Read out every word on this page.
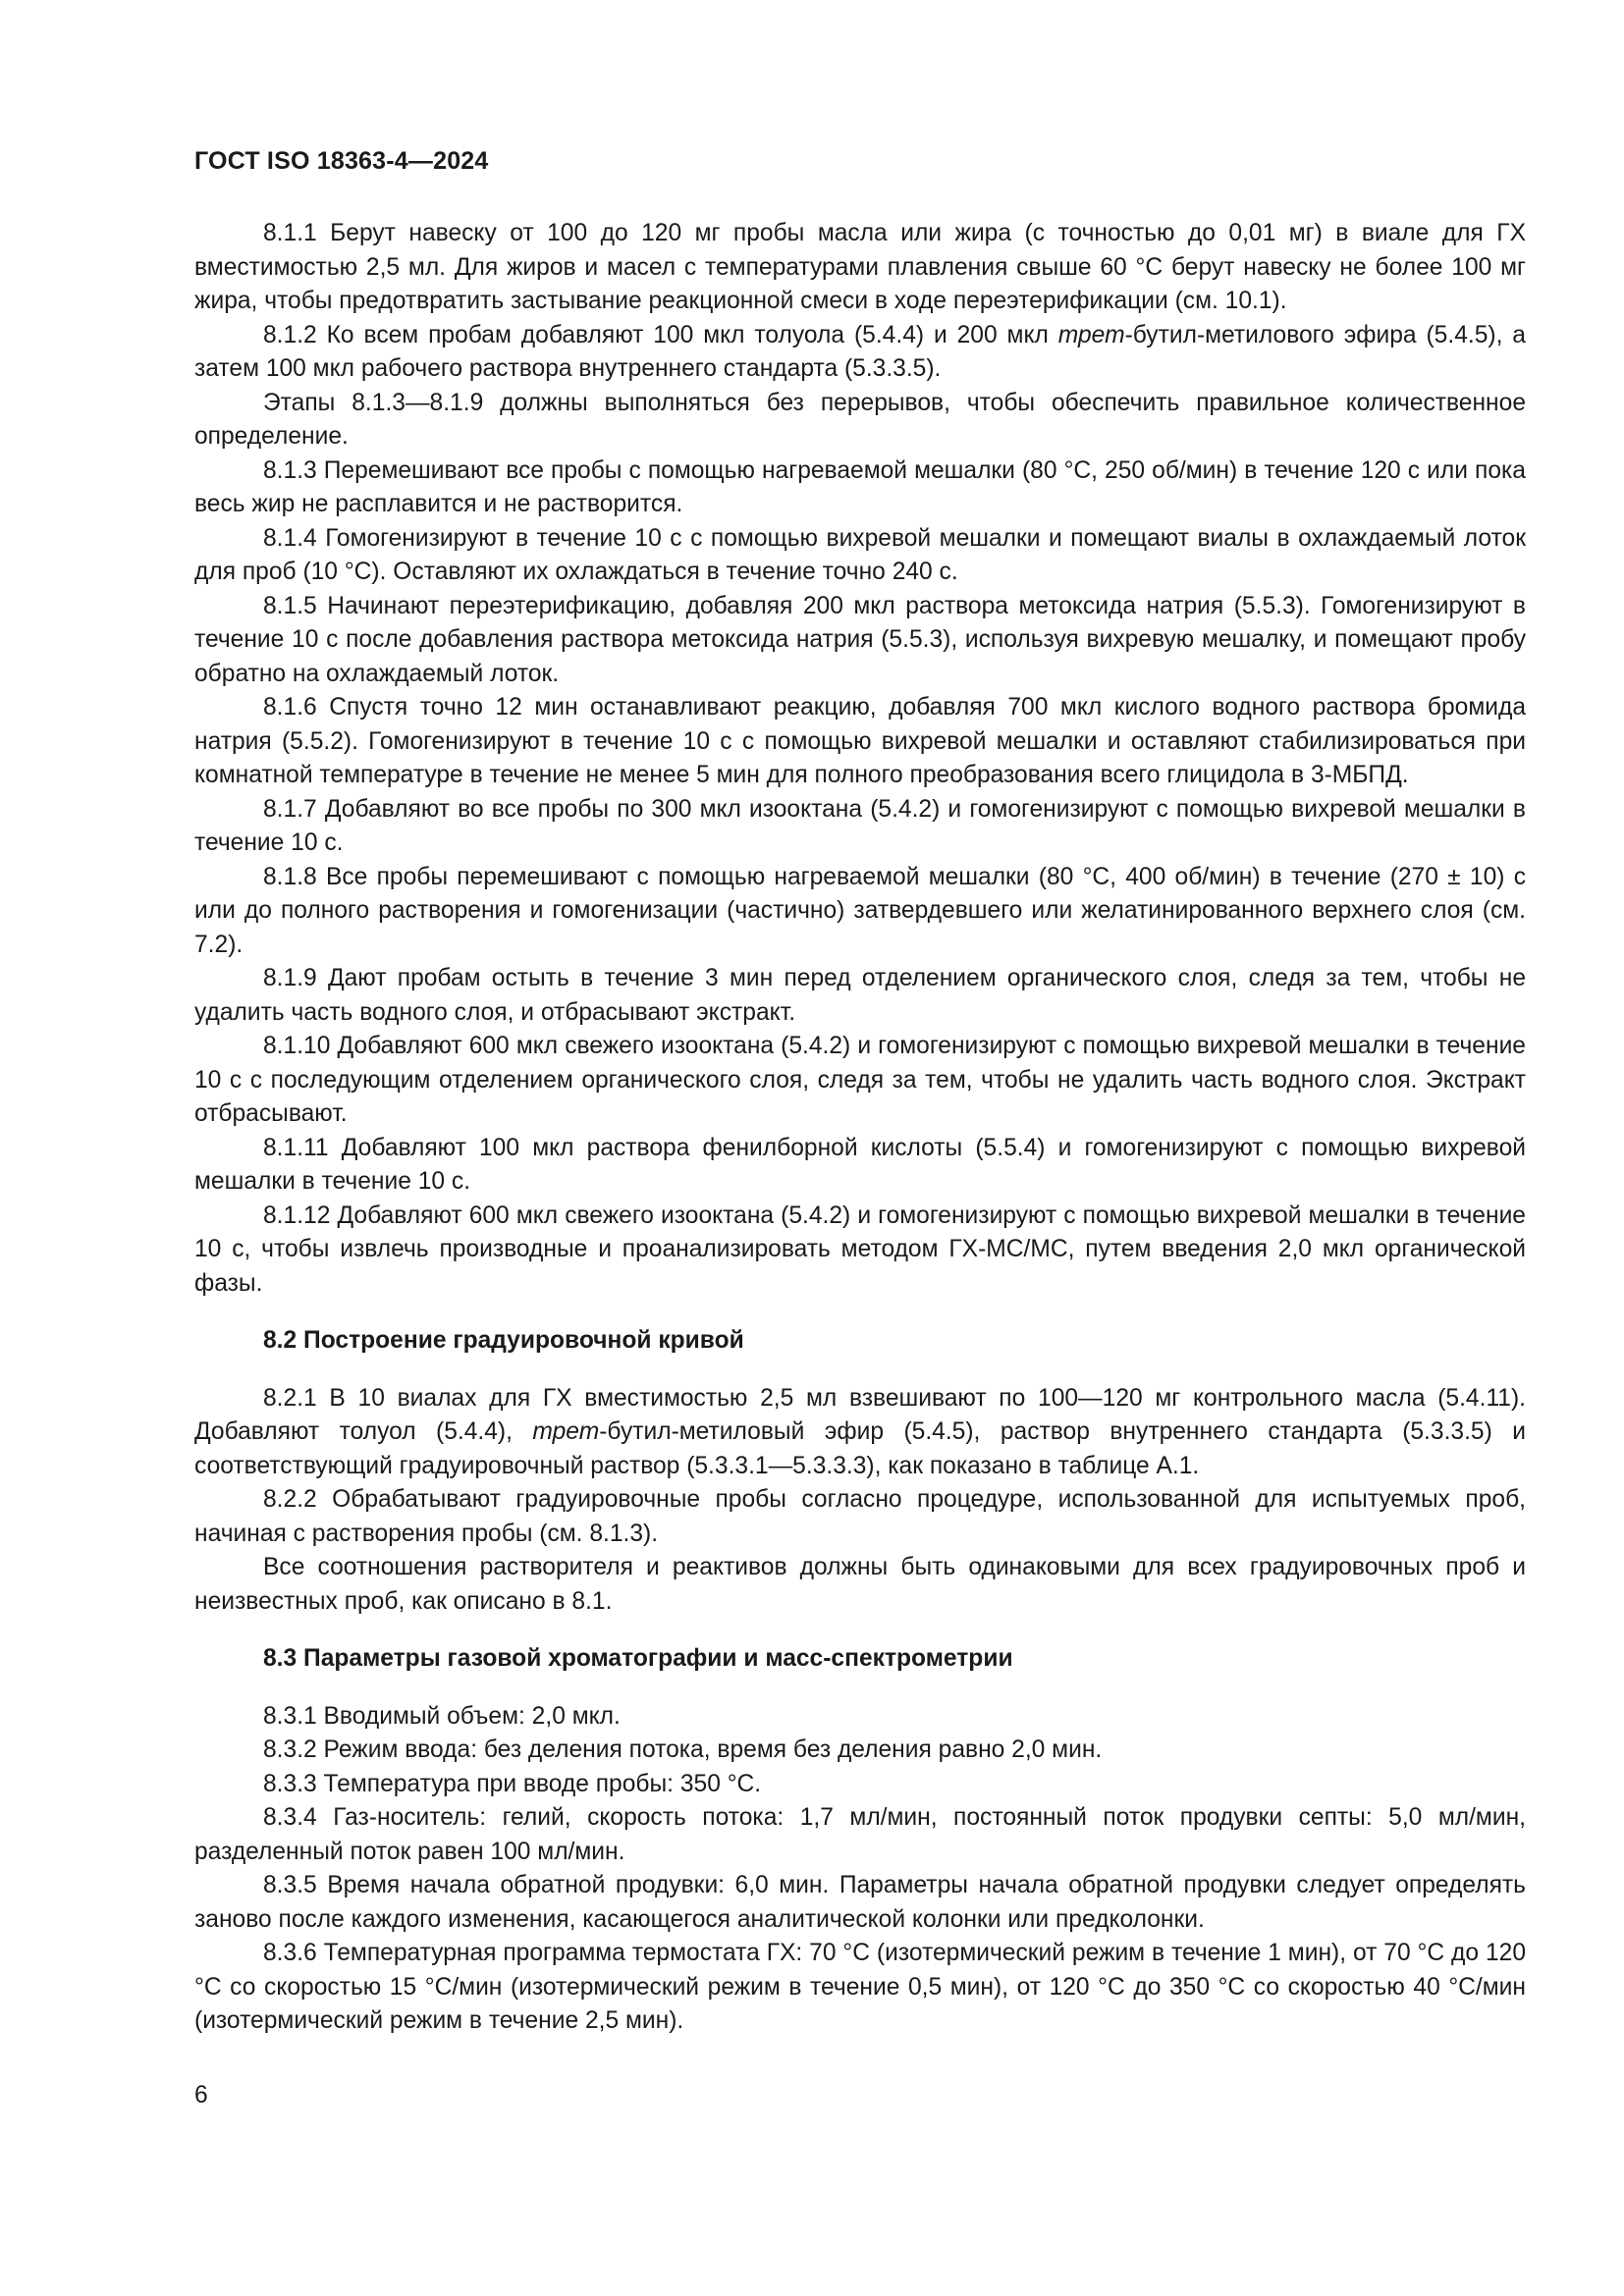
ГОСТ ISO 18363-4—2024

8.1.1 Берут навеску от 100 до 120 мг пробы масла или жира (с точностью до 0,01 мг) в виале для ГХ вместимостью 2,5 мл. Для жиров и масел с температурами плавления свыше 60 °С берут навеску не более 100 мг жира, чтобы предотвратить застывание реакционной смеси в ходе переэтерификации (см. 10.1).

8.1.2 Ко всем пробам добавляют 100 мкл толуола (5.4.4) и 200 мкл трет-бутил-метилового эфира (5.4.5), а затем 100 мкл рабочего раствора внутреннего стандарта (5.3.3.5).

Этапы 8.1.3—8.1.9 должны выполняться без перерывов, чтобы обеспечить правильное количественное определение.

8.1.3 Перемешивают все пробы с помощью нагреваемой мешалки (80 °С, 250 об/мин) в течение 120 с или пока весь жир не расплавится и не растворится.

8.1.4 Гомогенизируют в течение 10 с с помощью вихревой мешалки и помещают виалы в охлаждаемый лоток для проб (10 °С). Оставляют их охлаждаться в течение точно 240 с.

8.1.5 Начинают переэтерификацию, добавляя 200 мкл раствора метоксида натрия (5.5.3). Гомогенизируют в течение 10 с после добавления раствора метоксида натрия (5.5.3), используя вихревую мешалку, и помещают пробу обратно на охлаждаемый лоток.

8.1.6 Спустя точно 12 мин останавливают реакцию, добавляя 700 мкл кислого водного раствора бромида натрия (5.5.2). Гомогенизируют в течение 10 с с помощью вихревой мешалки и оставляют стабилизироваться при комнатной температуре в течение не менее 5 мин для полного преобразования всего глицидола в 3-МБПД.

8.1.7 Добавляют во все пробы по 300 мкл изооктана (5.4.2) и гомогенизируют с помощью вихревой мешалки в течение 10 с.

8.1.8 Все пробы перемешивают с помощью нагреваемой мешалки (80 °С, 400 об/мин) в течение (270 ± 10) с или до полного растворения и гомогенизации (частично) затвердевшего или желатинированного верхнего слоя (см. 7.2).

8.1.9 Дают пробам остыть в течение 3 мин перед отделением органического слоя, следя за тем, чтобы не удалить часть водного слоя, и отбрасывают экстракт.

8.1.10 Добавляют 600 мкл свежего изооктана (5.4.2) и гомогенизируют с помощью вихревой мешалки в течение 10 с с последующим отделением органического слоя, следя за тем, чтобы не удалить часть водного слоя. Экстракт отбрасывают.

8.1.11 Добавляют 100 мкл раствора фенилборной кислоты (5.5.4) и гомогенизируют с помощью вихревой мешалки в течение 10 с.

8.1.12 Добавляют 600 мкл свежего изооктана (5.4.2) и гомогенизируют с помощью вихревой мешалки в течение 10 с, чтобы извлечь производные и проанализировать методом ГХ-МС/МС, путем введения 2,0 мкл органической фазы.

8.2 Построение градуировочной кривой

8.2.1 В 10 виалах для ГХ вместимостью 2,5 мл взвешивают по 100—120 мг контрольного масла (5.4.11). Добавляют толуол (5.4.4), трет-бутил-метиловый эфир (5.4.5), раствор внутреннего стандарта (5.3.3.5) и соответствующий градуировочный раствор (5.3.3.1—5.3.3.3), как показано в таблице А.1.

8.2.2 Обрабатывают градуировочные пробы согласно процедуре, использованной для испытуемых проб, начиная с растворения пробы (см. 8.1.3).

Все соотношения растворителя и реактивов должны быть одинаковыми для всех градуировочных проб и неизвестных проб, как описано в 8.1.

8.3 Параметры газовой хроматографии и масс-спектрометрии

8.3.1 Вводимый объем: 2,0 мкл.

8.3.2 Режим ввода: без деления потока, время без деления равно 2,0 мин.

8.3.3 Температура при вводе пробы: 350 °С.

8.3.4 Газ-носитель: гелий, скорость потока: 1,7 мл/мин, постоянный поток продувки септы: 5,0 мл/мин, разделенный поток равен 100 мл/мин.

8.3.5 Время начала обратной продувки: 6,0 мин. Параметры начала обратной продувки следует определять заново после каждого изменения, касающегося аналитической колонки или предколонки.

8.3.6 Температурная программа термостата ГХ: 70 °С (изотермический режим в течение 1 мин), от 70 °С до 120 °С со скоростью 15 °С/мин (изотермический режим в течение 0,5 мин), от 120 °С до 350 °С со скоростью 40 °С/мин (изотермический режим в течение 2,5 мин).

6
